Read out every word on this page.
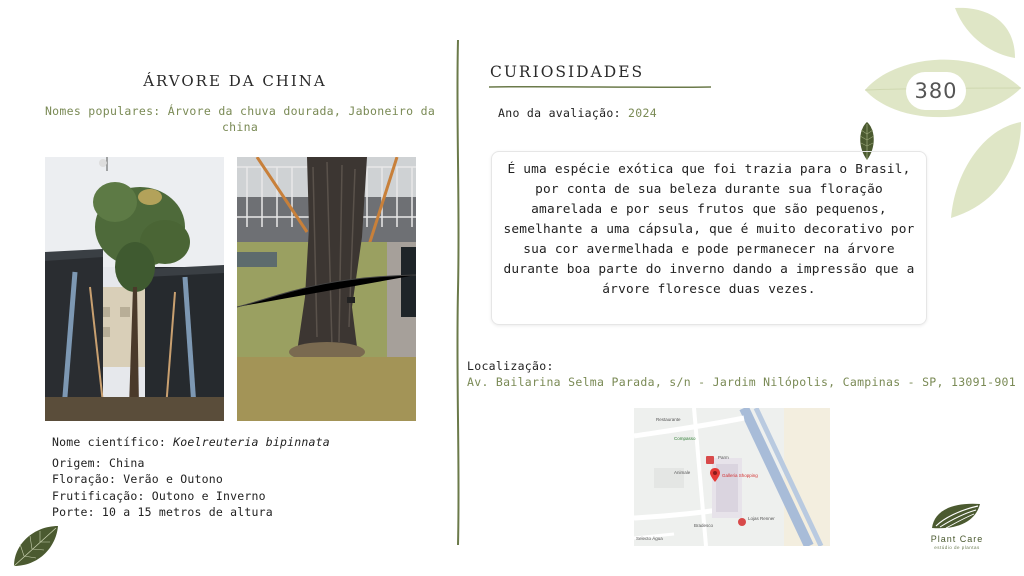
ÁRVORE DA CHINA
Nomes populares: Árvore da chuva dourada, Jaboneiro da china
Nome científico: Koelreuteria bipinnata
Origem: China
Floração: Verão e Outono
Frutificação: Outono e Inverno
Porte: 10 a 15 metros de altura
CURIOSIDADES
Ano da avaliação: 2024
É uma espécie exótica que foi trazia para o Brasil, por conta de sua beleza durante sua floração amarelada e por seus frutos que são pequenos, semelhante a uma cápsula, que é muito decorativo por sua cor avermelhada e pode permanecer na árvore durante boa parte do inverno dando a impressão que a árvore floresce duas vezes.
Localização:
Av. Bailarina Selma Parada, s/n - Jardim Nilópolis, Campinas - SP, 13091-901
Restaurante
Compasso
Parm
Animale
Galleria Shopping
Lojas Renner
Bradesco
Selecto Água
380
Plant Care
estúdio de plantas
